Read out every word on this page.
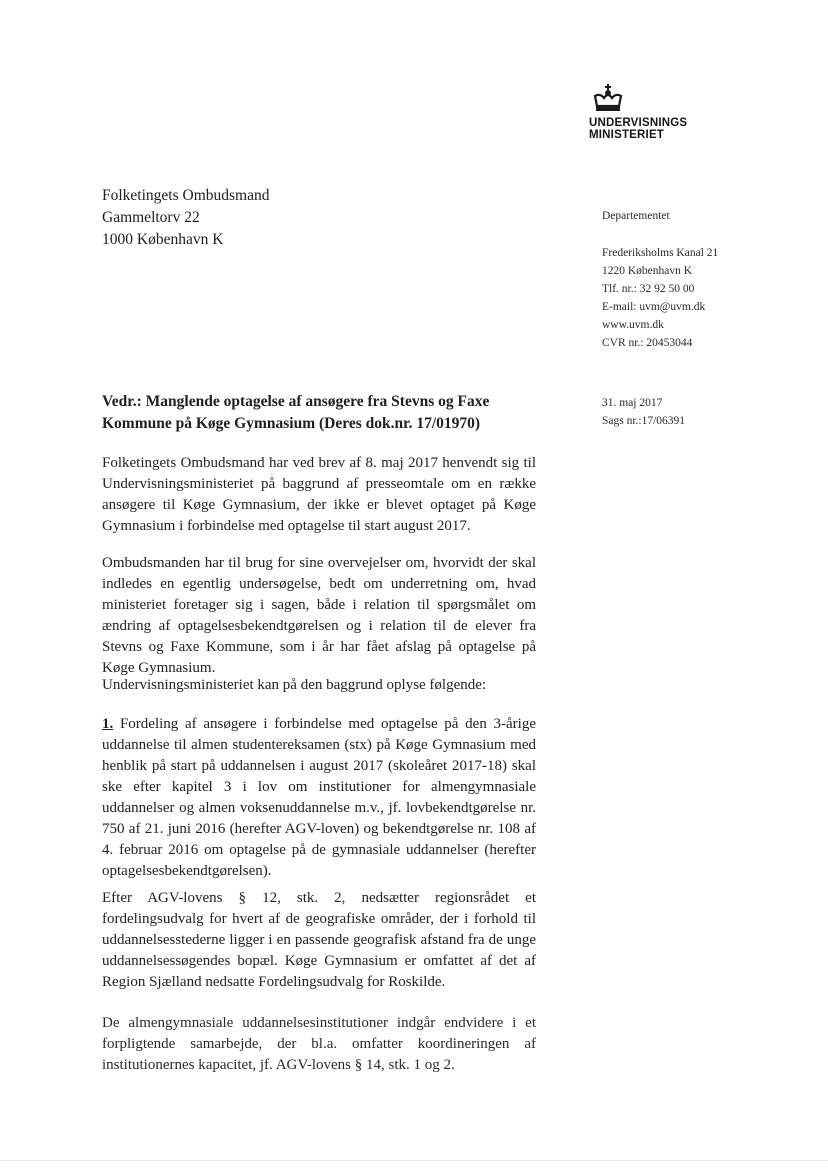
UNDERVISNINGS
MINISTERIET
Folketingets Ombudsmand
Gammeltorv 22
1000 København K
Departementet
Frederiksholms Kanal 21
1220 København K
Tlf. nr.: 32 92 50 00
E-mail: uvm@uvm.dk
www.uvm.dk
CVR nr.: 20453044
31. maj 2017
Sags nr.:17/06391
Vedr.: Manglende optagelse af ansøgere fra Stevns og Faxe Kommune på Køge Gymnasium (Deres dok.nr. 17/01970)

Folketingets Ombudsmand har ved brev af 8. maj 2017 henvendt sig til Undervisningsministeriet på baggrund af presseomtale om en række ansøgere til Køge Gymnasium, der ikke er blevet optaget på Køge Gymnasium i forbindelse med optagelse til start august 2017.

Ombudsmanden har til brug for sine overvejelser om, hvorvidt der skal indledes en egentlig undersøgelse, bedt om underretning om, hvad ministeriet foretager sig i sagen, både i relation til spørgsmålet om ændring af optagelsesbekendtgørelsen og i relation til de elever fra Stevns og Faxe Kommune, som i år har fået afslag på optagelse på Køge Gymnasium.

Undervisningsministeriet kan på den baggrund oplyse følgende:

1. Fordeling af ansøgere i forbindelse med optagelse på den 3-årige uddannelse til almen studentereksamen (stx) på Køge Gymnasium med henblik på start på uddannelsen i august 2017 (skoleåret 2017-18) skal ske efter kapitel 3 i lov om institutioner for almengymnasiale uddannelser og almen voksenuddannelse m.v., jf. lovbekendtgørelse nr. 750 af 21. juni 2016 (herefter AGV-loven) og bekendtgørelse nr. 108 af 4. februar 2016 om optagelse på de gymnasiale uddannelser (herefter optagelsesbekendtgørelsen).

Efter AGV-lovens § 12, stk. 2, nedsætter regionsrådet et fordelingsudvalg for hvert af de geografiske områder, der i forhold til uddannelsesstederne ligger i en passende geografisk afstand fra de unge uddannelsessøgendes bopæl. Køge Gymnasium er omfattet af det af Region Sjælland nedsatte Fordelingsudvalg for Roskilde.

De almengymnasiale uddannelsesinstitutioner indgår endvidere i et forpligtende samarbejde, der bl.a. omfatter koordineringen af institutionernes kapacitet, jf. AGV-lovens § 14, stk. 1 og 2.
